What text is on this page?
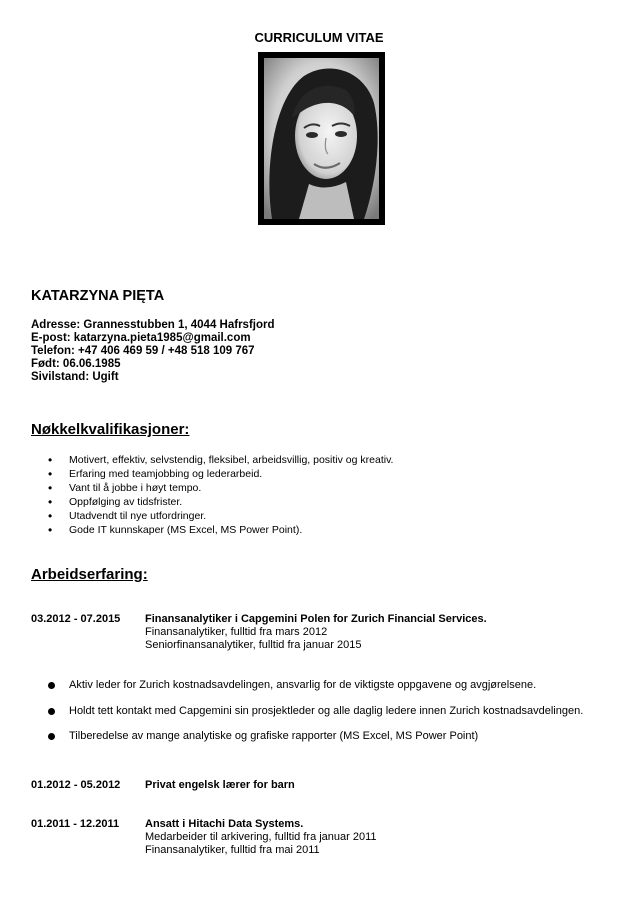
CURRICULUM VITAE
KATARZYNA PIĘTA
Adresse: Grannesstubben 1, 4044 Hafrsfjord
E-post: katarzyna.pieta1985@gmail.com
Telefon: +47 406 469 59 / +48 518 109 767
Født: 06.06.1985
Sivilstand: Ugift
Nøkkelkvalifikasjoner:
• Motivert, effektiv, selvstendig, fleksibel, arbeidsvillig, positiv og kreativ.
• Erfaring med teamjobbing og lederarbeid.
• Vant til å jobbe i høyt tempo.
• Oppfølging av tidsfrister.
• Utadvendt til nye utfordringer.
• Gode IT kunnskaper (MS Excel, MS Power Point).
Arbeidserfaring:
03.2012 - 07.2015 Finansanalytiker i Capgemini Polen for Zurich Financial Services.
Finansanalytiker, fulltid fra mars 2012
Seniorfinansanalytiker, fulltid fra januar 2015
Aktiv leder for Zurich kostnadsavdelingen, ansvarlig for de viktigste oppgavene og avgjørelsene.
Holdt tett kontakt med Capgemini sin prosjektleder og alle daglig ledere innen Zurich kostnadsavdelingen.
Tilberedelse av mange analytiske og grafiske rapporter (MS Excel, MS Power Point)
01.2012 - 05.2012 Privat engelsk lærer for barn
01.2011 - 12.2011 Ansatt i Hitachi Data Systems.
Medarbeider til arkivering, fulltid fra januar 2011
Finansanalytiker, fulltid fra mai 2011
